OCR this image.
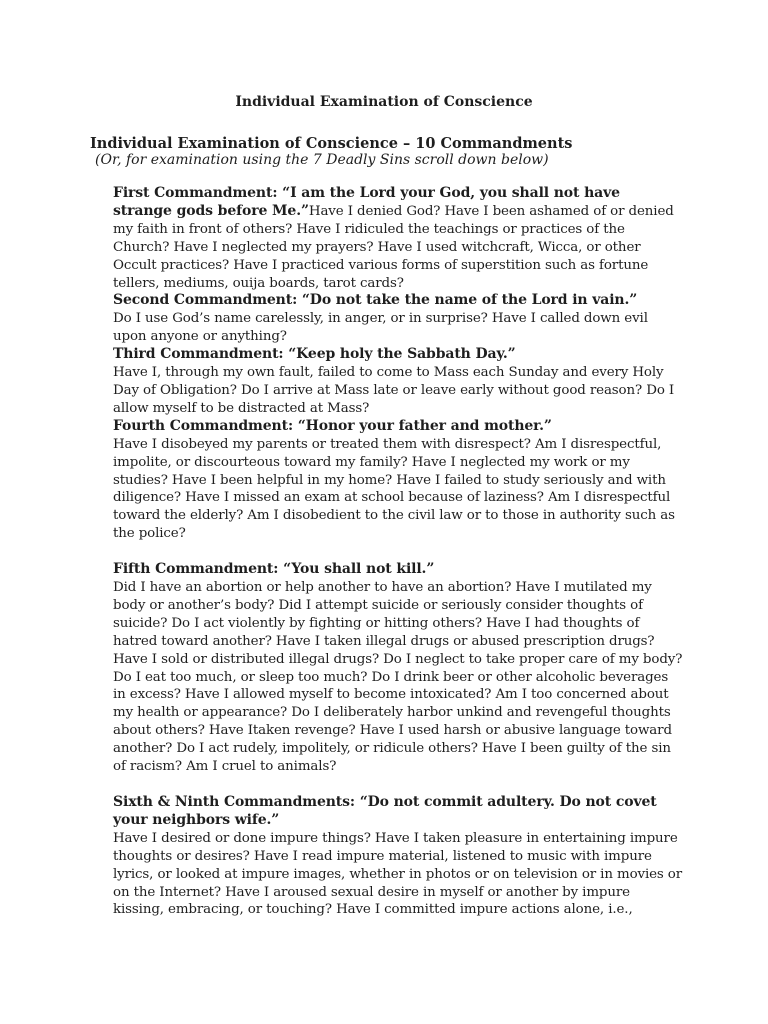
Individual Examination of Conscience
Individual Examination of Conscience – 10 Commandments
(Or, for examination using the 7 Deadly Sins scroll down below)

First Commandment: “I am the Lord your God, you shall not have strange gods before Me.”Have I denied God? Have I been ashamed of or denied my faith in front of others? Have I ridiculed the teachings or practices of the Church? Have I neglected my prayers? Have I used witchcraft, Wicca, or other Occult practices? Have I practiced various forms of superstition such as fortune tellers, mediums, ouija boards, tarot cards?

Second Commandment: “Do not take the name of the Lord in vain.”
Do I use God’s name carelessly, in anger, or in surprise? Have I called down evil upon anyone or anything?

Third Commandment: “Keep holy the Sabbath Day.”
Have I, through my own fault, failed to come to Mass each Sunday and every Holy Day of Obligation? Do I arrive at Mass late or leave early without good reason? Do I allow myself to be distracted at Mass?

Fourth Commandment: “Honor your father and mother.”
Have I disobeyed my parents or treated them with disrespect? Am I disrespectful, impolite, or discourteous toward my family? Have I neglected my work or my studies? Have I been helpful in my home? Have I failed to study seriously and with diligence? Have I missed an exam at school because of laziness? Am I disrespectful toward the elderly? Am I disobedient to the civil law or to those in authority such as the police?

Fifth Commandment: “You shall not kill.”
Did I have an abortion or help another to have an abortion? Have I mutilated my body or another’s body? Did I attempt suicide or seriously consider thoughts of suicide? Do I act violently by fighting or hitting others? Have I had thoughts of hatred toward another? Have I taken illegal drugs or abused prescription drugs? Have I sold or distributed illegal drugs? Do I neglect to take proper care of my body? Do I eat too much, or sleep too much? Do I drink beer or other alcoholic beverages in excess? Have I allowed myself to become intoxicated? Am I too concerned about my health or appearance? Do I deliberately harbor unkind and revengeful thoughts about others? Have Itaken revenge? Have I used harsh or abusive language toward another? Do I act rudely, impolitely, or ridicule others? Have I been guilty of the sin of racism? Am I cruel to animals?

Sixth & Ninth Commandments: “Do not commit adultery. Do not covet your neighbors wife.”
Have I desired or done impure things? Have I taken pleasure in entertaining impure thoughts or desires? Have I read impure material, listened to music with impure lyrics, or looked at impure images, whether in photos or on television or in movies or on the Internet? Have I aroused sexual desire in myself or another by impure kissing, embracing, or touching? Have I committed impure actions alone, i.e.,
